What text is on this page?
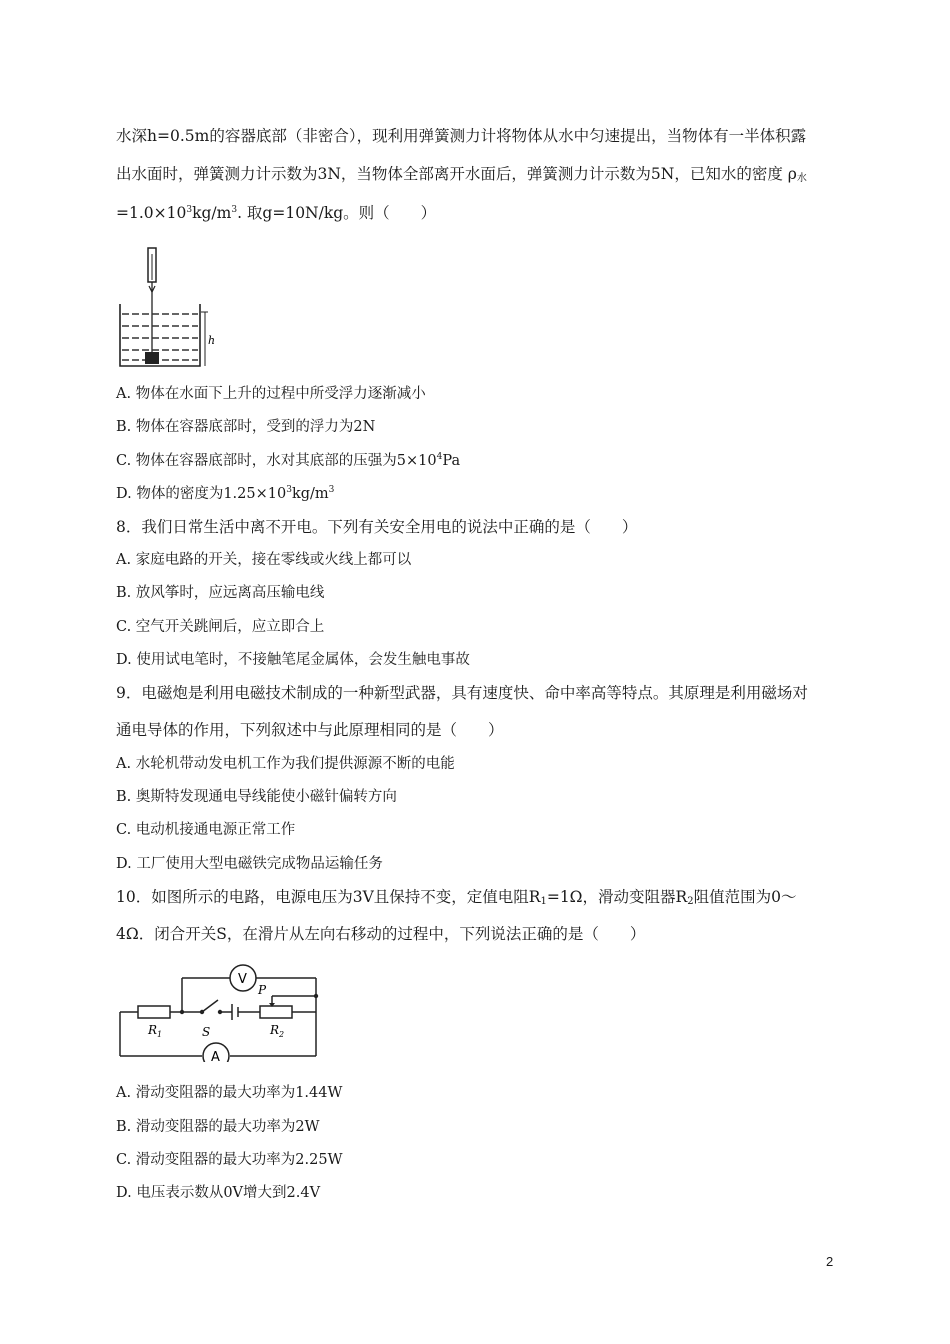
水深h=0.5m的容器底部（非密合），现利用弹簧测力计将物体从水中匀速提出，当物体有一半体积露
出水面时，弹簧测力计示数为3N，当物体全部离开水面后，弹簧测力计示数为5N，已知水的密度 $\rho_水$
$=1.0\times 10^3kg/m^3$. 取g=10N/kg。则（　　）
h
A. 物体在水面下上升的过程中所受浮力逐渐减小
B. 物体在容器底部时，受到的浮力为2N
C. 物体在容器底部时，水对其底部的压强为$5\times 10^4Pa$
D. 物体的密度为$1.25\times 10^3kg/m^3$
8．我们日常生活中离不开电。下列有关安全用电的说法中正确的是（　　）
A. 家庭电路的开关，接在零线或火线上都可以
B. 放风筝时，应远离高压输电线
C. 空气开关跳闸后，应立即合上
D. 使用试电笔时，不接触笔尾金属体，会发生触电事故
9．电磁炮是利用电磁技术制成的一种新型武器，具有速度快、命中率高等特点。其原理是利用磁场对
通电导体的作用，下列叙述中与此原理相同的是（　　）
A. 水轮机带动发电机工作为我们提供源源不断的电能
B. 奥斯特发现通电导线能使小磁针偏转方向
C. 电动机接通电源正常工作
D. 工厂使用大型电磁铁完成物品运输任务
10．如图所示的电路，电源电压为3V且保持不变，定值电阻$R_1=1\Omega$，滑动变阻器$R_2$阻值范围为0～
4Ω．闭合开关S，在滑片从左向右移动的过程中，下列说法正确的是（　　）
V
A
$R_1$	S	$R_2$
P
A. 滑动变阻器的最大功率为1.44W
B. 滑动变阻器的最大功率为2W
C. 滑动变阻器的最大功率为2.25W
D. 电压表示数从0V增大到2.4V
2
